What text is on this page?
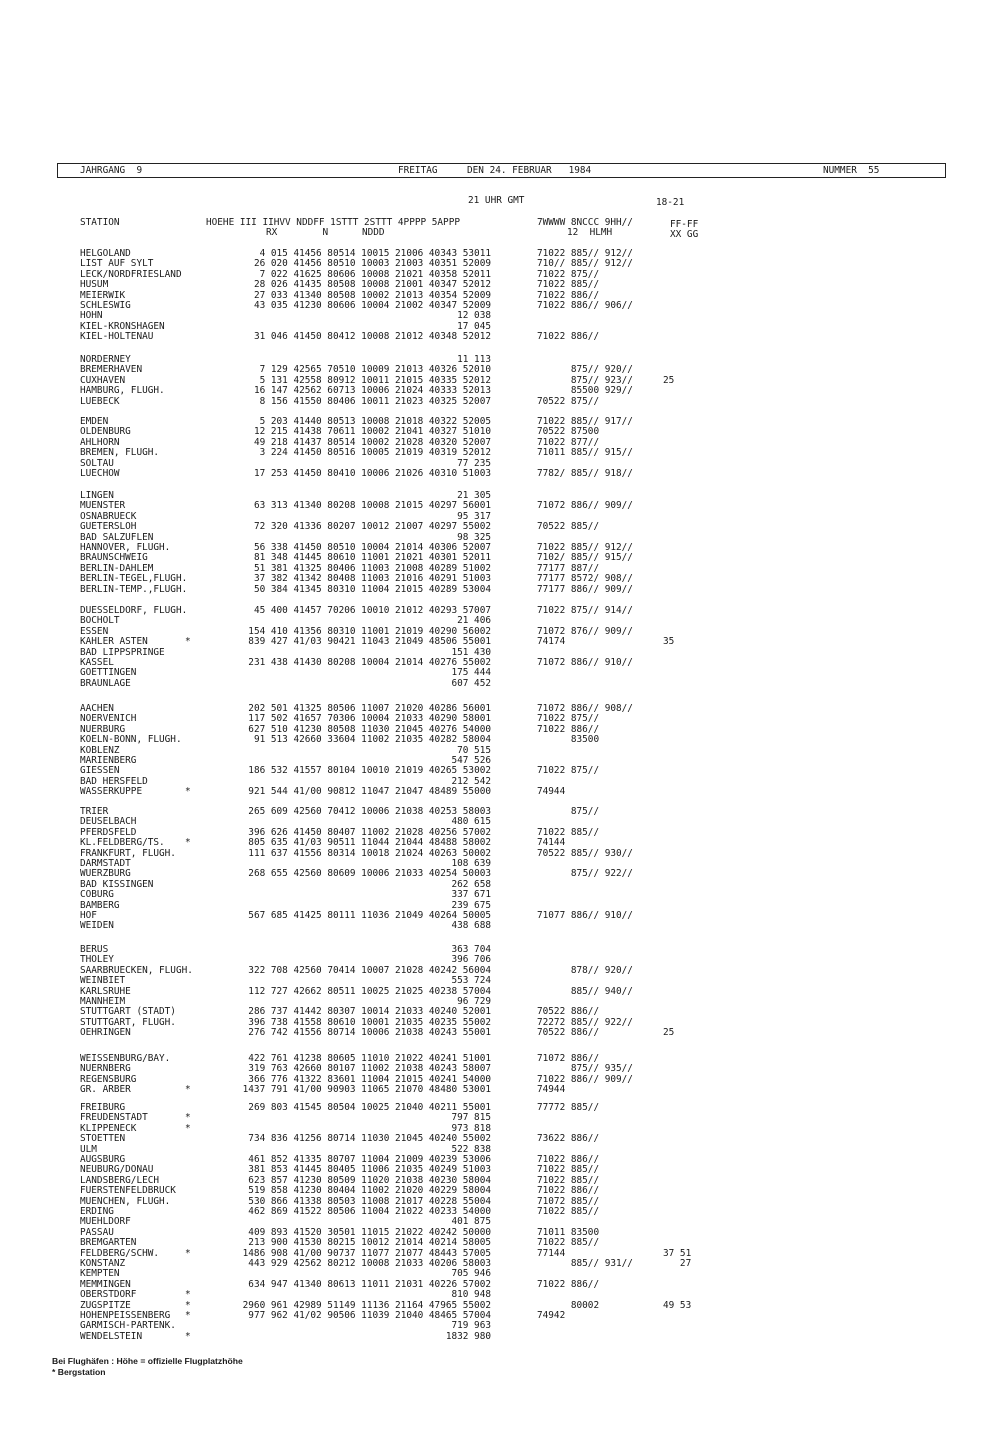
JAHRGANG  9	FREITAG	DEN 24. FEBRUAR   1984	NUMMER  55
21 UHR GMT	18-21
STATION	HOEHE III IIHVV NDDFF 1STTT 2STTT 4PPPP 5APPP
RX        N      NDDD
7WWWW 8NCCC 9HH//
12  HLMH
FF-FF
XX GG
HELGOLAND	4 015 41456 80514 10015 21006 40343 53011	71022 885// 912//
LIST AUF SYLT	26 020 41456 80510 10003 21003 40351 52009	710// 885// 912//
LECK/NORDFRIESLAND	7 022 41625 80606 10008 21021 40358 52011	71022 875//
HUSUM	28 026 41435 80508 10008 21001 40347 52012	71022 885//
MEIERWIK	27 033 41340 80508 10002 21013 40354 52009	71022 886//
SCHLESWIG	43 035 41230 80606 10004 21002 40347 52009	71022 886// 906//
HOHN	12 038
KIEL-KRONSHAGEN	17 045
KIEL-HOLTENAU	31 046 41450 80412 10008 21012 40348 52012	71022 886//
NORDERNEY	11 113
BREMERHAVEN	7 129 42565 70510 10009 21013 40326 52010	875// 920//
CUXHAVEN	5 131 42558 80912 10011 21015 40335 52012	875// 923//	25
HAMBURG, FLUGH.	16 147 42562 60713 10006 21024 40333 52013	85500 929//
LUEBECK	8 156 41550 80406 10011 21023 40325 52007	70522 875//
EMDEN	5 203 41440 80513 10008 21018 40322 52005	71022 885// 917//
OLDENBURG	12 215 41438 70611 10002 21041 40327 51010	70522 87500
AHLHORN	49 218 41437 80514 10002 21028 40320 52007	71022 877//
BREMEN, FLUGH.	3 224 41450 80516 10005 21019 40319 52012	71011 885// 915//
SOLTAU	77 235
LUECHOW	17 253 41450 80410 10006 21026 40310 51003	7782/ 885// 918//
LINGEN	21 305
MUENSTER	63 313 41340 80208 10008 21015 40297 56001	71072 886// 909//
OSNABRUECK	95 317
GUETERSLOH	72 320 41336 80207 10012 21007 40297 55002	70522 885//
BAD SALZUFLEN	98 325
HANNOVER, FLUGH.	56 338 41450 80510 10004 21014 40306 52007	71022 885// 912//
BRAUNSCHWEIG	81 348 41445 80610 11001 21021 40301 52011	7102/ 885// 915//
BERLIN-DAHLEM	51 381 41325 80406 11003 21008 40289 51002	77177 887//
BERLIN-TEGEL,FLUGH.	37 382 41342 80408 11003 21016 40291 51003	77177 8572/ 908//
BERLIN-TEMP.,FLUGH.	50 384 41345 80310 11004 21015 40289 53004	77177 886// 909//
DUESSELDORF, FLUGH.	45 400 41457 70206 10010 21012 40293 57007	71022 875// 914//
BOCHOLT	21 406
ESSEN	154 410 41356 80310 11001 21019 40290 56002	71072 876// 909//
KAHLER ASTEN	*	839 427 41/03 90421 11043 21049 48506 55001	74174	35
BAD LIPPSPRINGE	151 430
KASSEL	231 438 41430 80208 10004 21014 40276 55002	71072 886// 910//
GOETTINGEN	175 444
BRAUNLAGE	607 452
AACHEN	202 501 41325 80506 11007 21020 40286 56001	71072 886// 908//
NOERVENICH	117 502 41657 70306 10004 21033 40290 58001	71022 875//
NUERBURG	627 510 41230 80508 11030 21045 40276 54000	71022 886//
KOELN-BONN, FLUGH.	91 513 42660 33604 11002 21035 40282 58004	83500
KOBLENZ	70 515
MARIENBERG	547 526
GIESSEN	186 532 41557 80104 10010 21019 40265 53002	71022 875//
BAD HERSFELD	212 542
WASSERKUPPE	*	921 544 41/00 90812 11047 21047 48489 55000	74944
TRIER	265 609 42560 70412 10006 21038 40253 58003	875//
DEUSELBACH	480 615
PFERDSFELD	396 626 41450 80407 11002 21028 40256 57002	71022 885//
KL.FELDBERG/TS. *	805 635 41/03 90511 11044 21044 48488 58002	74144
FRANKFURT, FLUGH.	111 637 41556 80314 10018 21024 40263 50002	70522 885// 930//
DARMSTADT	108 639
WUERZBURG	268 655 42560 80609 10006 21033 40254 50003	875// 922//
BAD KISSINGEN	262 658
COBURG	337 671
BAMBERG	239 675
HOF	567 685 41425 80111 11036 21049 40264 50005	71077 886// 910//
WEIDEN	438 688
BERUS	363 704
THOLEY	396 706
SAARBRUECKEN, FLUGH.	322 708 42560 70414 10007 21028 40242 56004	878// 920//
WEINBIET	553 724
KARLSRUHE	112 727 42662 80511 10025 21025 40238 57004	885// 940//
MANNHEIM	96 729
STUTTGART (STADT)	286 737 41442 80307 10014 21033 40240 52001	70522 886//
STUTTGART, FLUGH.	396 738 41558 80610 10001 21035 40235 55002	72272 885// 922//
OEHRINGEN	276 742 41556 80714 10006 21038 40243 55001	70522 886//	25
WEISSENBURG/BAY.	422 761 41238 80605 11010 21022 40241 51001	71072 886//
NUERNBERG	319 763 42660 80107 11002 21038 40243 58007	875// 935//
REGENSBURG	366 776 41322 83601 11004 21015 40241 54000	71022 886// 909//
GR. ARBER	*	1437 791 41/00 90903 11065 21070 48480 53001	74944
FREIBURG	269 803 41545 80504 10025 21040 40211 55001	77772 885//
FREUDENSTADT	*	797 815
KLIPPENECK	*	973 818
STOETTEN	734 836 41256 80714 11030 21045 40240 55002	73622 886//
ULM	522 838
AUGSBURG	461 852 41335 80707 11004 21009 40239 53006	71022 886//
NEUBURG/DONAU	381 853 41445 80405 11006 21035 40249 51003	71022 885//
LANDSBERG/LECH	623 857 41230 80509 11020 21038 40230 58004	71022 885//
FUERSTENFELDBRUCK	519 858 41230 80404 11002 21020 40229 58004	71022 886//
MUENCHEN, FLUGH.	530 866 41338 80503 11008 21017 40228 55004	71072 885//
ERDING	462 869 41522 80506 11004 21022 40233 54000	71022 885//
MUEHLDORF	401 875
PASSAU	409 893 41520 30501 11015 21022 40242 50000	71011 83500
BREMGARTEN	213 900 41530 80215 10012 21014 40214 58005	71022 885//
FELDBERG/SCHW.	*	1486 908 41/00 90737 11077 21077 48443 57005	77144	37 51
KONSTANZ	443 929 42562 80212 10008 21033 40206 58003	885// 931//	27
KEMPTEN	705 946
MEMMINGEN	634 947 41340 80613 11011 21031 40226 57002	71022 886//
OBERSTDORF	*	810 948
ZUGSPITZE	*	2960 961 42989 51149 11136 21164 47965 55002	80002	49 53
HOHENPEISSENBERG *	977 962 41/02 90506 11039 21040 48465 57004	74942
GARMISCH-PARTENK.	719 963
WENDELSTEIN	*	1832 980
Bei Flughäfen : Höhe = offizielle Flugplatzhöhe
* Bergstation
